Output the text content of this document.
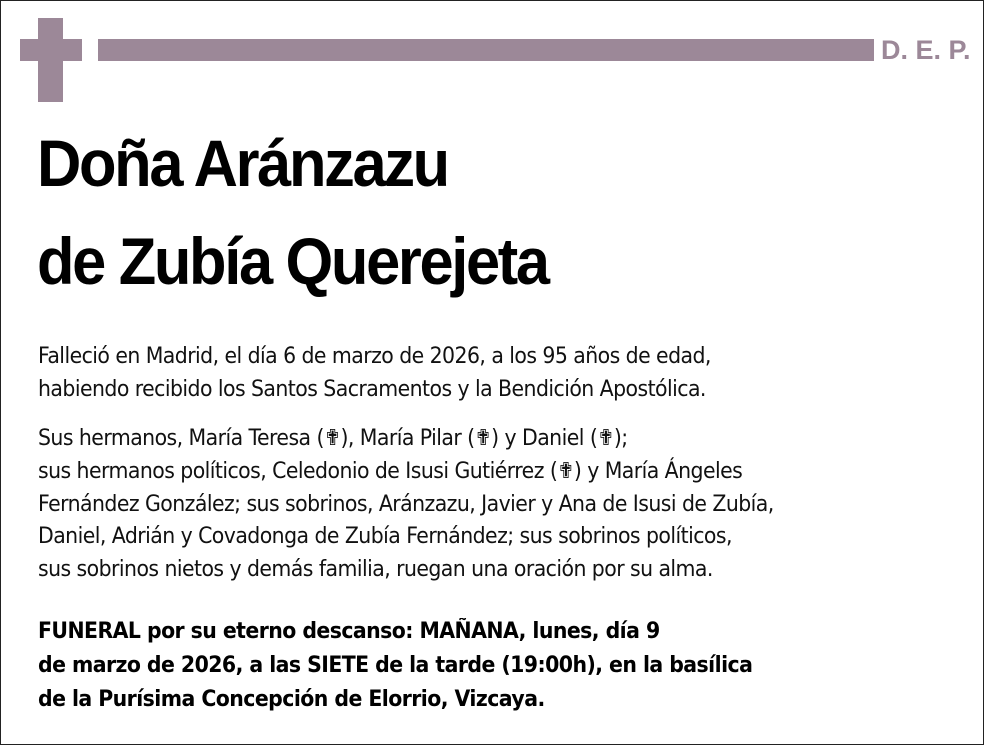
D. E. P.
Doña Aránzazu
de Zubía Querejeta
Falleció en Madrid, el día 6 de marzo de 2026, a los 95 años de edad,
habiendo recibido los Santos Sacramentos y la Bendición Apostólica.
Sus hermanos, María Teresa (✟), María Pilar (✟) y Daniel (✟);
sus hermanos políticos, Celedonio de Isusi Gutiérrez (✟) y María Ángeles
Fernández González; sus sobrinos, Aránzazu, Javier y Ana de Isusi de Zubía,
Daniel, Adrián y Covadonga de Zubía Fernández; sus sobrinos políticos,
sus sobrinos nietos y demás familia, ruegan una oración por su alma.
FUNERAL por su eterno descanso: MAÑANA, lunes, día 9
de marzo de 2026, a las SIETE de la tarde (19:00h), en la basílica
de la Purísima Concepción de Elorrio, Vizcaya.
